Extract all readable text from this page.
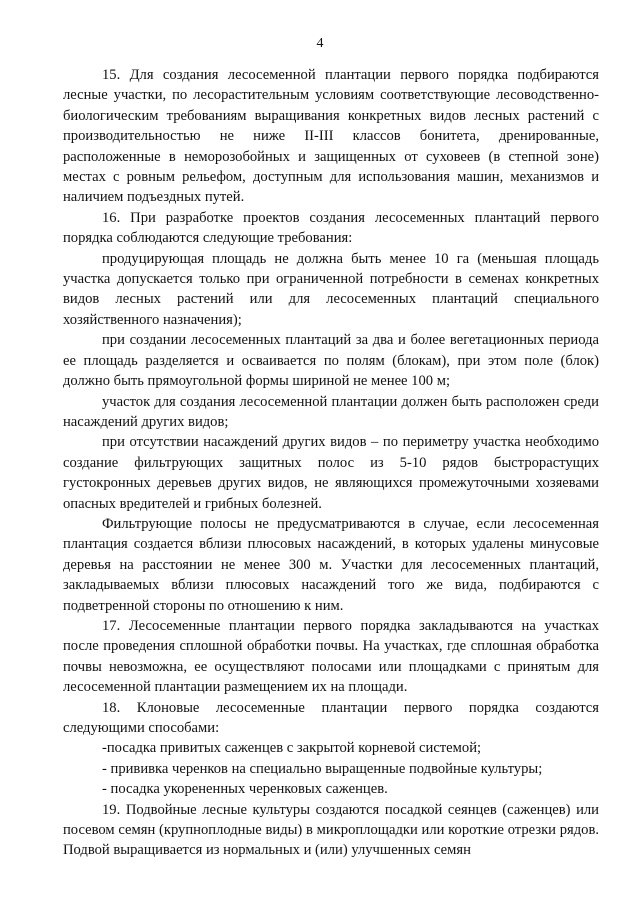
4

15. Для создания лесосеменной плантации первого порядка подбираются лесные участки, по лесорастительным условиям соответствующие лесоводственно-биологическим требованиям выращивания конкретных видов лесных растений с производительностью не ниже II-III классов бонитета, дренированные, расположенные в неморозобойных и защищенных от суховеев (в степной зоне) местах с ровным рельефом, доступным для использования машин, механизмов и наличием подъездных путей.

16. При разработке проектов создания лесосеменных плантаций первого порядка соблюдаются следующие требования:

продуцирующая площадь не должна быть менее 10 га (меньшая площадь участка допускается только при ограниченной потребности в семенах конкретных видов лесных растений или для лесосеменных плантаций специального хозяйственного назначения);

при создании лесосеменных плантаций за два и более вегетационных периода ее площадь разделяется и осваивается по полям (блокам), при этом поле (блок) должно быть прямоугольной формы шириной не менее 100 м;

участок для создания лесосеменной плантации должен быть расположен среди насаждений других видов;

при отсутствии насаждений других видов – по периметру участка необходимо создание фильтрующих защитных полос из 5-10 рядов быстрорастущих густокронных деревьев других видов, не являющихся промежуточными хозяевами опасных вредителей и грибных болезней.

Фильтрующие полосы не предусматриваются в случае, если лесосеменная плантация создается вблизи плюсовых насаждений, в которых удалены минусовые деревья на расстоянии не менее 300 м. Участки для лесосеменных плантаций, закладываемых вблизи плюсовых насаждений того же вида, подбираются с подветренной стороны по отношению к ним.

17. Лесосеменные плантации первого порядка закладываются на участках после проведения сплошной обработки почвы. На участках, где сплошная обработка почвы невозможна, ее осуществляют полосами или площадками с принятым для лесосеменной плантации размещением их на площади.

18. Клоновые лесосеменные плантации первого порядка создаются следующими способами:

-посадка привитых саженцев с закрытой корневой системой;

- прививка черенков на специально выращенные подвойные культуры;

- посадка укорененных черенковых саженцев.

19. Подвойные лесные культуры создаются посадкой сеянцев (саженцев) или посевом семян (крупноплодные виды) в микроплощадки или короткие отрезки рядов. Подвой выращивается из нормальных и (или) улучшенных семян
